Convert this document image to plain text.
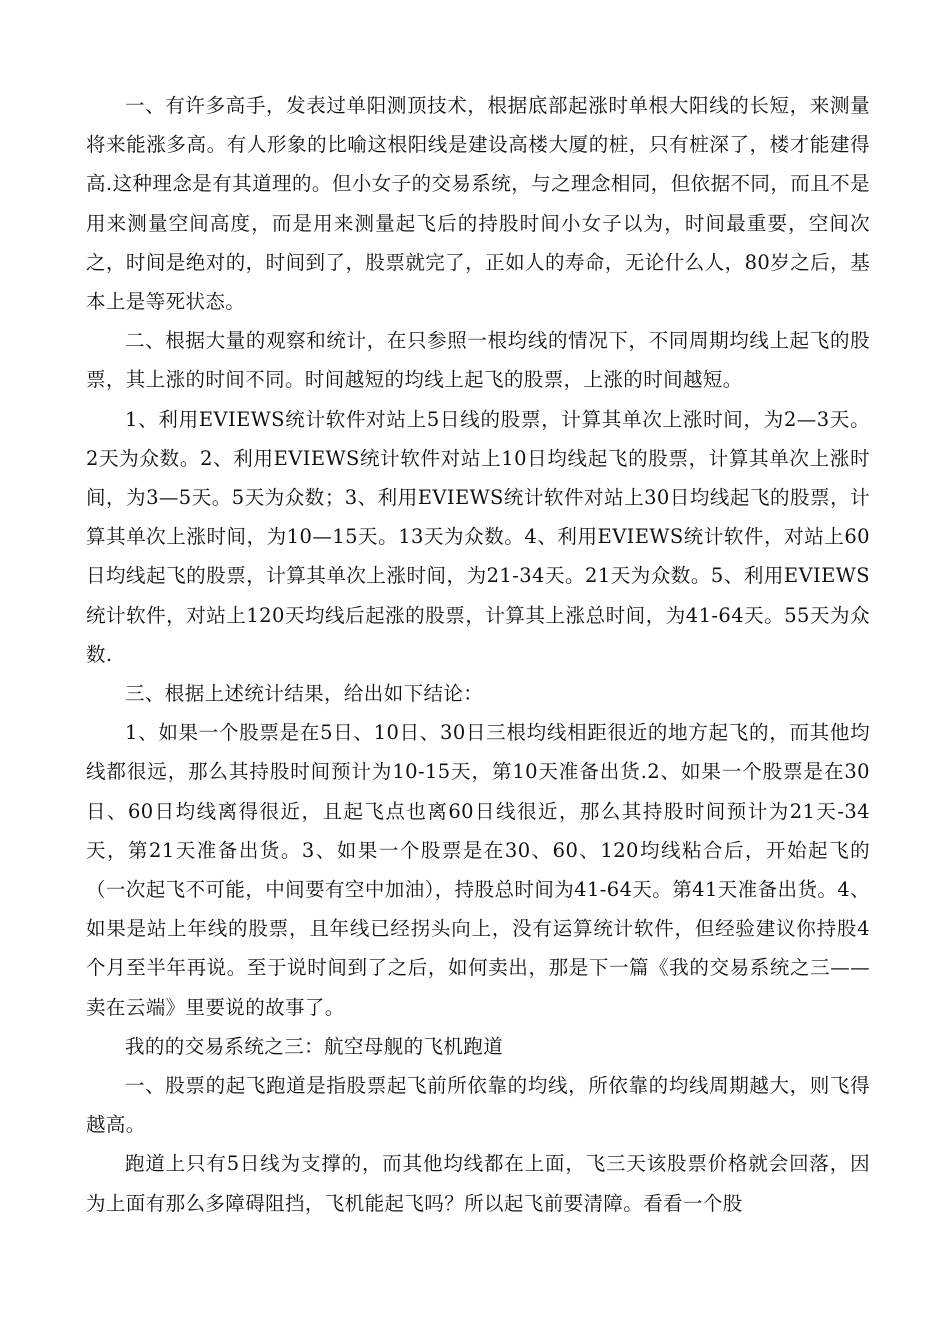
一、有许多高手，发表过单阳测顶技术，根据底部起涨时单根大阳线的长短，来测量将来能涨多高。有人形象的比喻这根阳线是建设高楼大厦的桩，只有桩深了，楼才能建得高.这种理念是有其道理的。但小女子的交易系统，与之理念相同，但依据不同，而且不是用来测量空间高度，而是用来测量起飞后的持股时间小女子以为，时间最重要，空间次之，时间是绝对的，时间到了，股票就完了，正如人的寿命，无论什么人，80岁之后，基本上是等死状态。

二、根据大量的观察和统计，在只参照一根均线的情况下，不同周期均线上起飞的股票，其上涨的时间不同。时间越短的均线上起飞的股票，上涨的时间越短。

1、利用EVIEWS统计软件对站上5日线的股票，计算其单次上涨时间，为2—3天。2天为众数。2、利用EVIEWS统计软件对站上10日均线起飞的股票，计算其单次上涨时间，为3—5天。5天为众数；3、利用EVIEWS统计软件对站上30日均线起飞的股票，计算其单次上涨时间，为10—15天。13天为众数。4、利用EVIEWS统计软件，对站上60日均线起飞的股票，计算其单次上涨时间，为21-34天。21天为众数。5、利用EVIEWS统计软件，对站上120天均线后起涨的股票，计算其上涨总时间，为41-64天。55天为众数.

三、根据上述统计结果，给出如下结论：

1、如果一个股票是在5日、10日、30日三根均线相距很近的地方起飞的，而其他均线都很远，那么其持股时间预计为10-15天，第10天准备出货.2、如果一个股票是在30日、60日均线离得很近，且起飞点也离60日线很近，那么其持股时间预计为21天-34天，第21天准备出货。3、如果一个股票是在30、60、120均线粘合后，开始起飞的（一次起飞不可能，中间要有空中加油），持股总时间为41-64天。第41天准备出货。4、如果是站上年线的股票，且年线已经拐头向上，没有运算统计软件，但经验建议你持股4个月至半年再说。至于说时间到了之后，如何卖出，那是下一篇《我的交易系统之三——卖在云端》里要说的故事了。

我的的交易系统之三：航空母舰的飞机跑道

一、股票的起飞跑道是指股票起飞前所依靠的均线，所依靠的均线周期越大，则飞得越高。

跑道上只有5日线为支撑的，而其他均线都在上面，飞三天该股票价格就会回落，因为上面有那么多障碍阻挡，飞机能起飞吗？所以起飞前要清障。看看一个股
